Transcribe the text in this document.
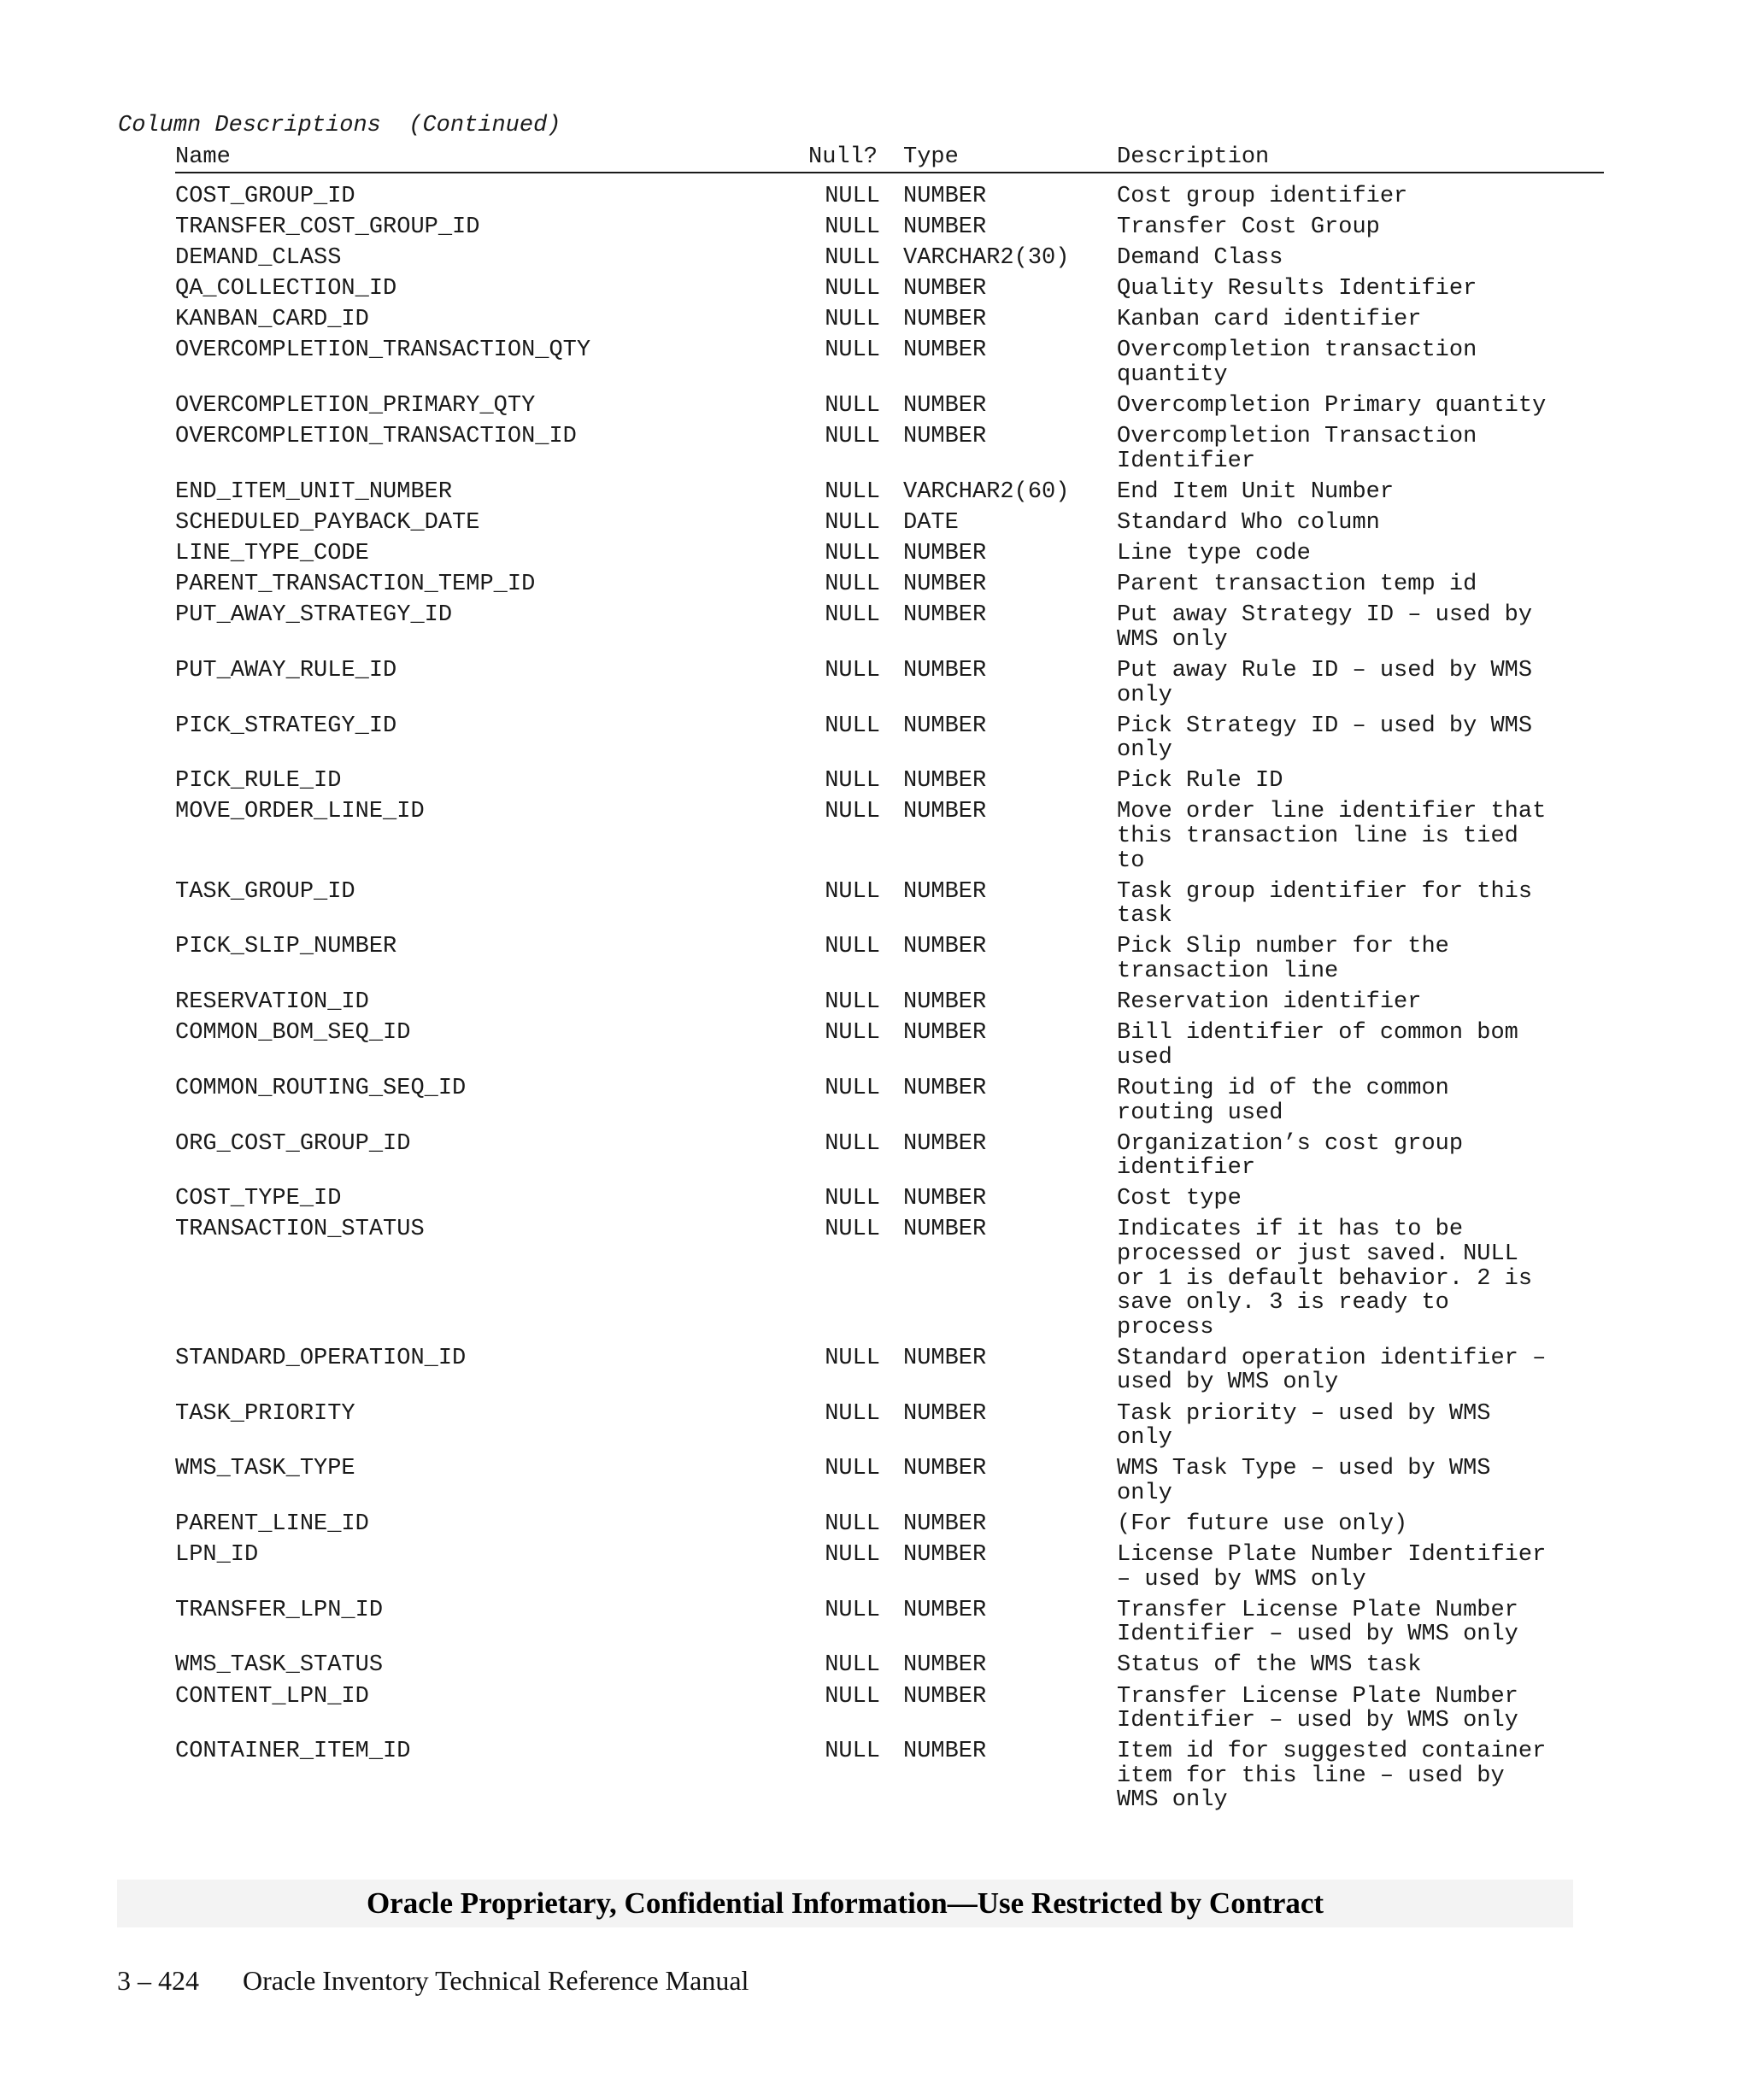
Column Descriptions  (Continued)
Name	Null? Type	Description
COST_GROUP_ID	NULL NUMBER	Cost group identifier
TRANSFER_COST_GROUP_ID	NULL NUMBER	Transfer Cost Group
DEMAND_CLASS	NULL VARCHAR2(30) Demand Class
QA_COLLECTION_ID	NULL NUMBER	Quality Results Identifier
KANBAN_CARD_ID	NULL NUMBER	Kanban card identifier
OVERCOMPLETION_TRANSACTION_QTY	NULL NUMBER	Overcompletion transaction
quantity
OVERCOMPLETION_PRIMARY_QTY	NULL NUMBER	Overcompletion Primary quantity
OVERCOMPLETION_TRANSACTION_ID	NULL NUMBER	Overcompletion Transaction
Identifier
END_ITEM_UNIT_NUMBER	NULL VARCHAR2(60) End Item Unit Number
SCHEDULED_PAYBACK_DATE	NULL DATE	Standard Who column
LINE_TYPE_CODE	NULL NUMBER	Line type code
PARENT_TRANSACTION_TEMP_ID	NULL NUMBER	Parent transaction temp id
PUT_AWAY_STRATEGY_ID	NULL NUMBER	Put away Strategy ID – used by
WMS only
PUT_AWAY_RULE_ID	NULL NUMBER	Put away Rule ID – used by WMS
only
PICK_STRATEGY_ID	NULL NUMBER	Pick Strategy ID – used by WMS
only
PICK_RULE_ID	NULL NUMBER	Pick Rule ID
MOVE_ORDER_LINE_ID	NULL NUMBER	Move order line identifier that
this transaction line is tied
to
TASK_GROUP_ID	NULL NUMBER	Task group identifier for this
task
PICK_SLIP_NUMBER	NULL NUMBER	Pick Slip number for the
transaction line
RESERVATION_ID	NULL NUMBER	Reservation identifier
COMMON_BOM_SEQ_ID	NULL NUMBER	Bill identifier of common bom
used
COMMON_ROUTING_SEQ_ID	NULL NUMBER	Routing id of the common
routing used
ORG_COST_GROUP_ID	NULL NUMBER	Organization’s cost group
identifier
COST_TYPE_ID	NULL NUMBER	Cost type
TRANSACTION_STATUS	NULL NUMBER	Indicates if it has to be
processed or just saved. NULL
or 1 is default behavior. 2 is
save only. 3 is ready to
process
STANDARD_OPERATION_ID	NULL NUMBER	Standard operation identifier –
used by WMS only
TASK_PRIORITY	NULL NUMBER	Task priority – used by WMS
only
WMS_TASK_TYPE	NULL NUMBER	WMS Task Type – used by WMS
only
PARENT_LINE_ID	NULL NUMBER	(For future use only)
LPN_ID	NULL NUMBER	License Plate Number Identifier
– used by WMS only
TRANSFER_LPN_ID	NULL NUMBER	Transfer License Plate Number
Identifier – used by WMS only
WMS_TASK_STATUS	NULL NUMBER	Status of the WMS task
CONTENT_LPN_ID	NULL NUMBER	Transfer License Plate Number
Identifier – used by WMS only
CONTAINER_ITEM_ID	NULL NUMBER	Item id for suggested container
item for this line – used by
WMS only
Oracle Proprietary, Confidential Information––Use Restricted by Contract
3 – 424 Oracle Inventory Technical Reference Manual
